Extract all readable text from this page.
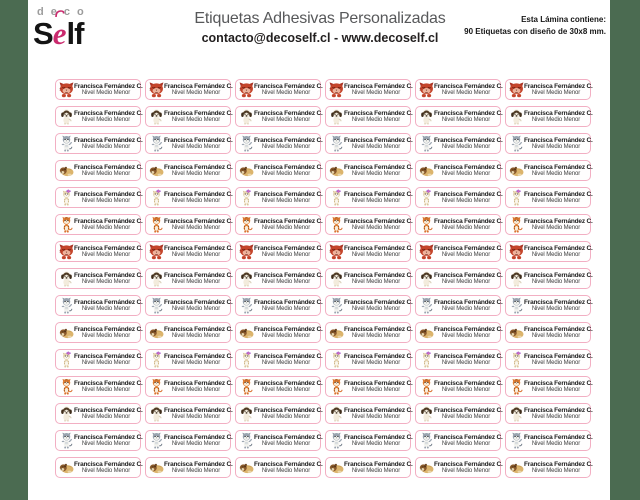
deco
S
elf	Etiquetas Adhesivas Personalizadas
contacto@decoself.cl - www.decoself.cl
Esta Lámina contiene:
90 Etiquetas con diseño de 30x8 mm.
Francisca Fernández C.
Nivel Medio Menor
Francisca Fernández C.
Nivel Medio Menor
Francisca Fernández C.
Nivel Medio Menor
Francisca Fernández C.
Nivel Medio Menor
Francisca Fernández C.
Nivel Medio Menor
Francisca Fernández C.
Nivel Medio Menor
Francisca Fernández C.
Nivel Medio Menor
Francisca Fernández C.
Nivel Medio Menor
Francisca Fernández C.
Nivel Medio Menor
Francisca Fernández C.
Nivel Medio Menor
Francisca Fernández C.
Nivel Medio Menor
Francisca Fernández C.
Nivel Medio Menor
Francisca Fernández C.
Nivel Medio Menor
Francisca Fernández C.
Nivel Medio Menor
Francisca Fernández C.
Nivel Medio Menor
Francisca Fernández C.
Nivel Medio Menor
Francisca Fernández C.
Nivel Medio Menor
Francisca Fernández C.
Nivel Medio Menor
Francisca Fernández C.
Nivel Medio Menor
Francisca Fernández C.
Nivel Medio Menor
Francisca Fernández C.
Nivel Medio Menor
Francisca Fernández C.
Nivel Medio Menor
Francisca Fernández C.
Nivel Medio Menor
Francisca Fernández C.
Nivel Medio Menor
Francisca Fernández C.
Nivel Medio Menor
Francisca Fernández C.
Nivel Medio Menor
Francisca Fernández C.
Nivel Medio Menor
Francisca Fernández C.
Nivel Medio Menor
Francisca Fernández C.
Nivel Medio Menor
Francisca Fernández C.
Nivel Medio Menor
Francisca Fernández C.
Nivel Medio Menor
Francisca Fernández C.
Nivel Medio Menor
Francisca Fernández C.
Nivel Medio Menor
Francisca Fernández C.
Nivel Medio Menor
Francisca Fernández C.
Nivel Medio Menor
Francisca Fernández C.
Nivel Medio Menor
Francisca Fernández C.
Nivel Medio Menor
Francisca Fernández C.
Nivel Medio Menor
Francisca Fernández C.
Nivel Medio Menor
Francisca Fernández C.
Nivel Medio Menor
Francisca Fernández C.
Nivel Medio Menor
Francisca Fernández C.
Nivel Medio Menor
Francisca Fernández C.
Nivel Medio Menor
Francisca Fernández C.
Nivel Medio Menor
Francisca Fernández C.
Nivel Medio Menor
Francisca Fernández C.
Nivel Medio Menor
Francisca Fernández C.
Nivel Medio Menor
Francisca Fernández C.
Nivel Medio Menor
Francisca Fernández C.
Nivel Medio Menor
Francisca Fernández C.
Nivel Medio Menor
Francisca Fernández C.
Nivel Medio Menor
Francisca Fernández C.
Nivel Medio Menor
Francisca Fernández C.
Nivel Medio Menor
Francisca Fernández C.
Nivel Medio Menor
Francisca Fernández C.
Nivel Medio Menor
Francisca Fernández C.
Nivel Medio Menor
Francisca Fernández C.
Nivel Medio Menor
Francisca Fernández C.
Nivel Medio Menor
Francisca Fernández C.
Nivel Medio Menor
Francisca Fernández C.
Nivel Medio Menor
Francisca Fernández C.
Nivel Medio Menor
Francisca Fernández C.
Nivel Medio Menor
Francisca Fernández C.
Nivel Medio Menor
Francisca Fernández C.
Nivel Medio Menor
Francisca Fernández C.
Nivel Medio Menor
Francisca Fernández C.
Nivel Medio Menor
Francisca Fernández C.
Nivel Medio Menor
Francisca Fernández C.
Nivel Medio Menor
Francisca Fernández C.
Nivel Medio Menor
Francisca Fernández C.
Nivel Medio Menor
Francisca Fernández C.
Nivel Medio Menor
Francisca Fernández C.
Nivel Medio Menor
Francisca Fernández C.
Nivel Medio Menor
Francisca Fernández C.
Nivel Medio Menor
Francisca Fernández C.
Nivel Medio Menor
Francisca Fernández C.
Nivel Medio Menor
Francisca Fernández C.
Nivel Medio Menor
Francisca Fernández C.
Nivel Medio Menor
Francisca Fernández C.
Nivel Medio Menor
Francisca Fernández C.
Nivel Medio Menor
Francisca Fernández C.
Nivel Medio Menor
Francisca Fernández C.
Nivel Medio Menor
Francisca Fernández C.
Nivel Medio Menor
Francisca Fernández C.
Nivel Medio Menor
Francisca Fernández C.
Nivel Medio Menor
Francisca Fernández C.
Nivel Medio Menor
Francisca Fernández C.
Nivel Medio Menor
Francisca Fernández C.
Nivel Medio Menor
Francisca Fernández C.
Nivel Medio Menor
Francisca Fernández C.
Nivel Medio Menor
